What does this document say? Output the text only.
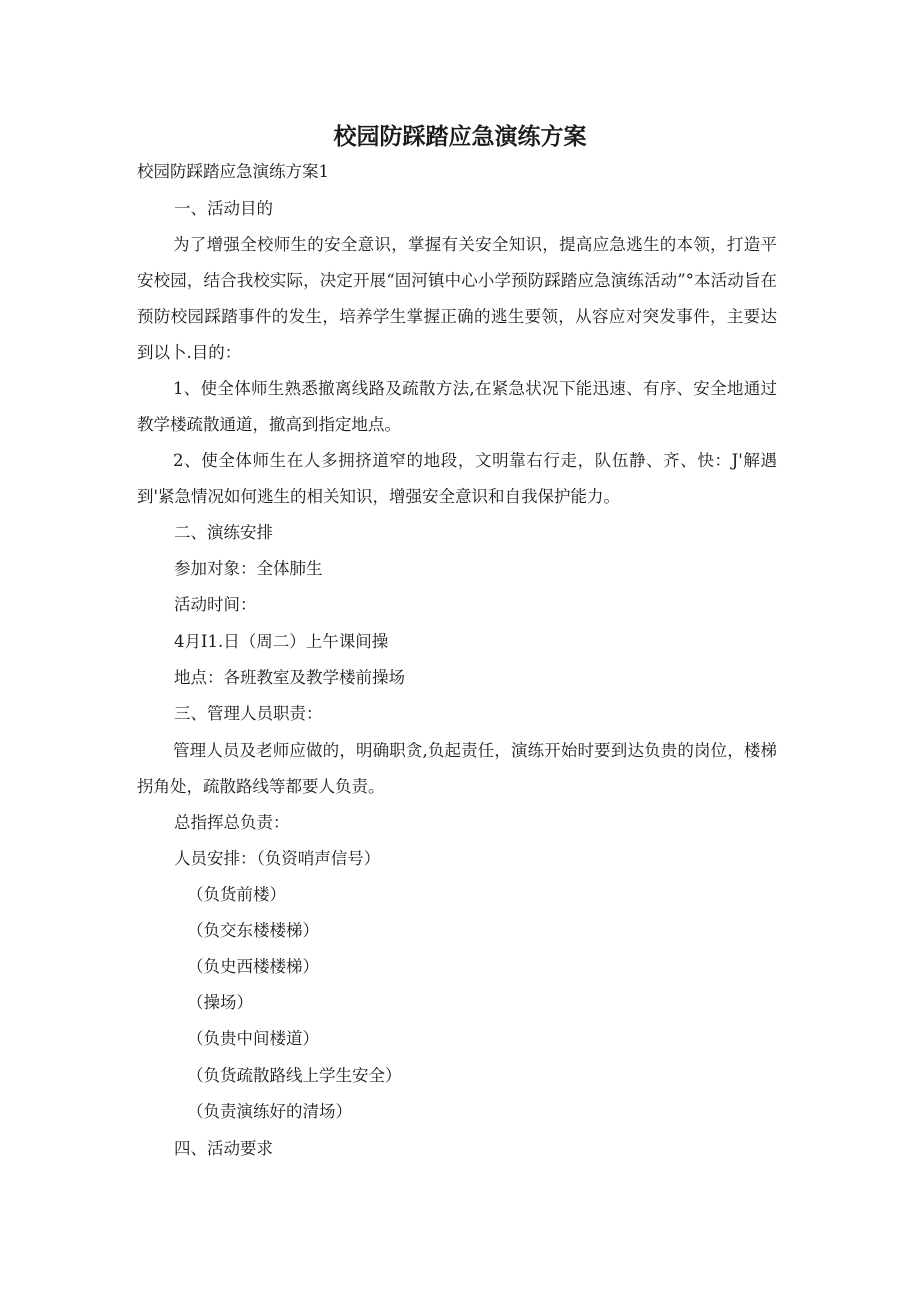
校园防踩踏应急演练方案
校园防踩踏应急演练方案1
一、活动目的
为了增强全校师生的安全意识，掌握有关安全知识，提高应急逃生的本领，打造平安校园，结合我校实际，决定开展“固河镇中心小学预防踩踏应急演练活动”°本活动旨在预防校园踩踏事件的发生，培养学生掌握正确的逃生要领，从容应对突发事件，主要达到以卜.目的：
1、使全体师生熟悉撤离线路及疏散方法,在紧急状况下能迅速、有序、安全地通过教学楼疏散通道，撤高到指定地点。
2、使全体师生在人多拥挤道窄的地段，文明靠右行走，队伍静、齐、快：J'解遇到'紧急情况如何逃生的相关知识，增强安全意识和自我保护能力。
二、演练安排
参加对象：全体肺生
活动时间：
4月I1.日（周二）上午课间操
地点：各班教室及教学楼前操场
三、管理人员职责：
管理人员及老师应做的，明确职贪,负起责任，演练开始时要到达负贵的岗位，楼梯拐角处，疏散路线等都要人负责。
总指挥总负责：
人员安排：（负资哨声信号）
（负货前楼）
（负交东楼楼梯）
（负史西楼楼梯）
（操场）
（负贵中间楼道）
（负货疏散路线上学生安全）
（负责演练好的清场）
四、活动要求
